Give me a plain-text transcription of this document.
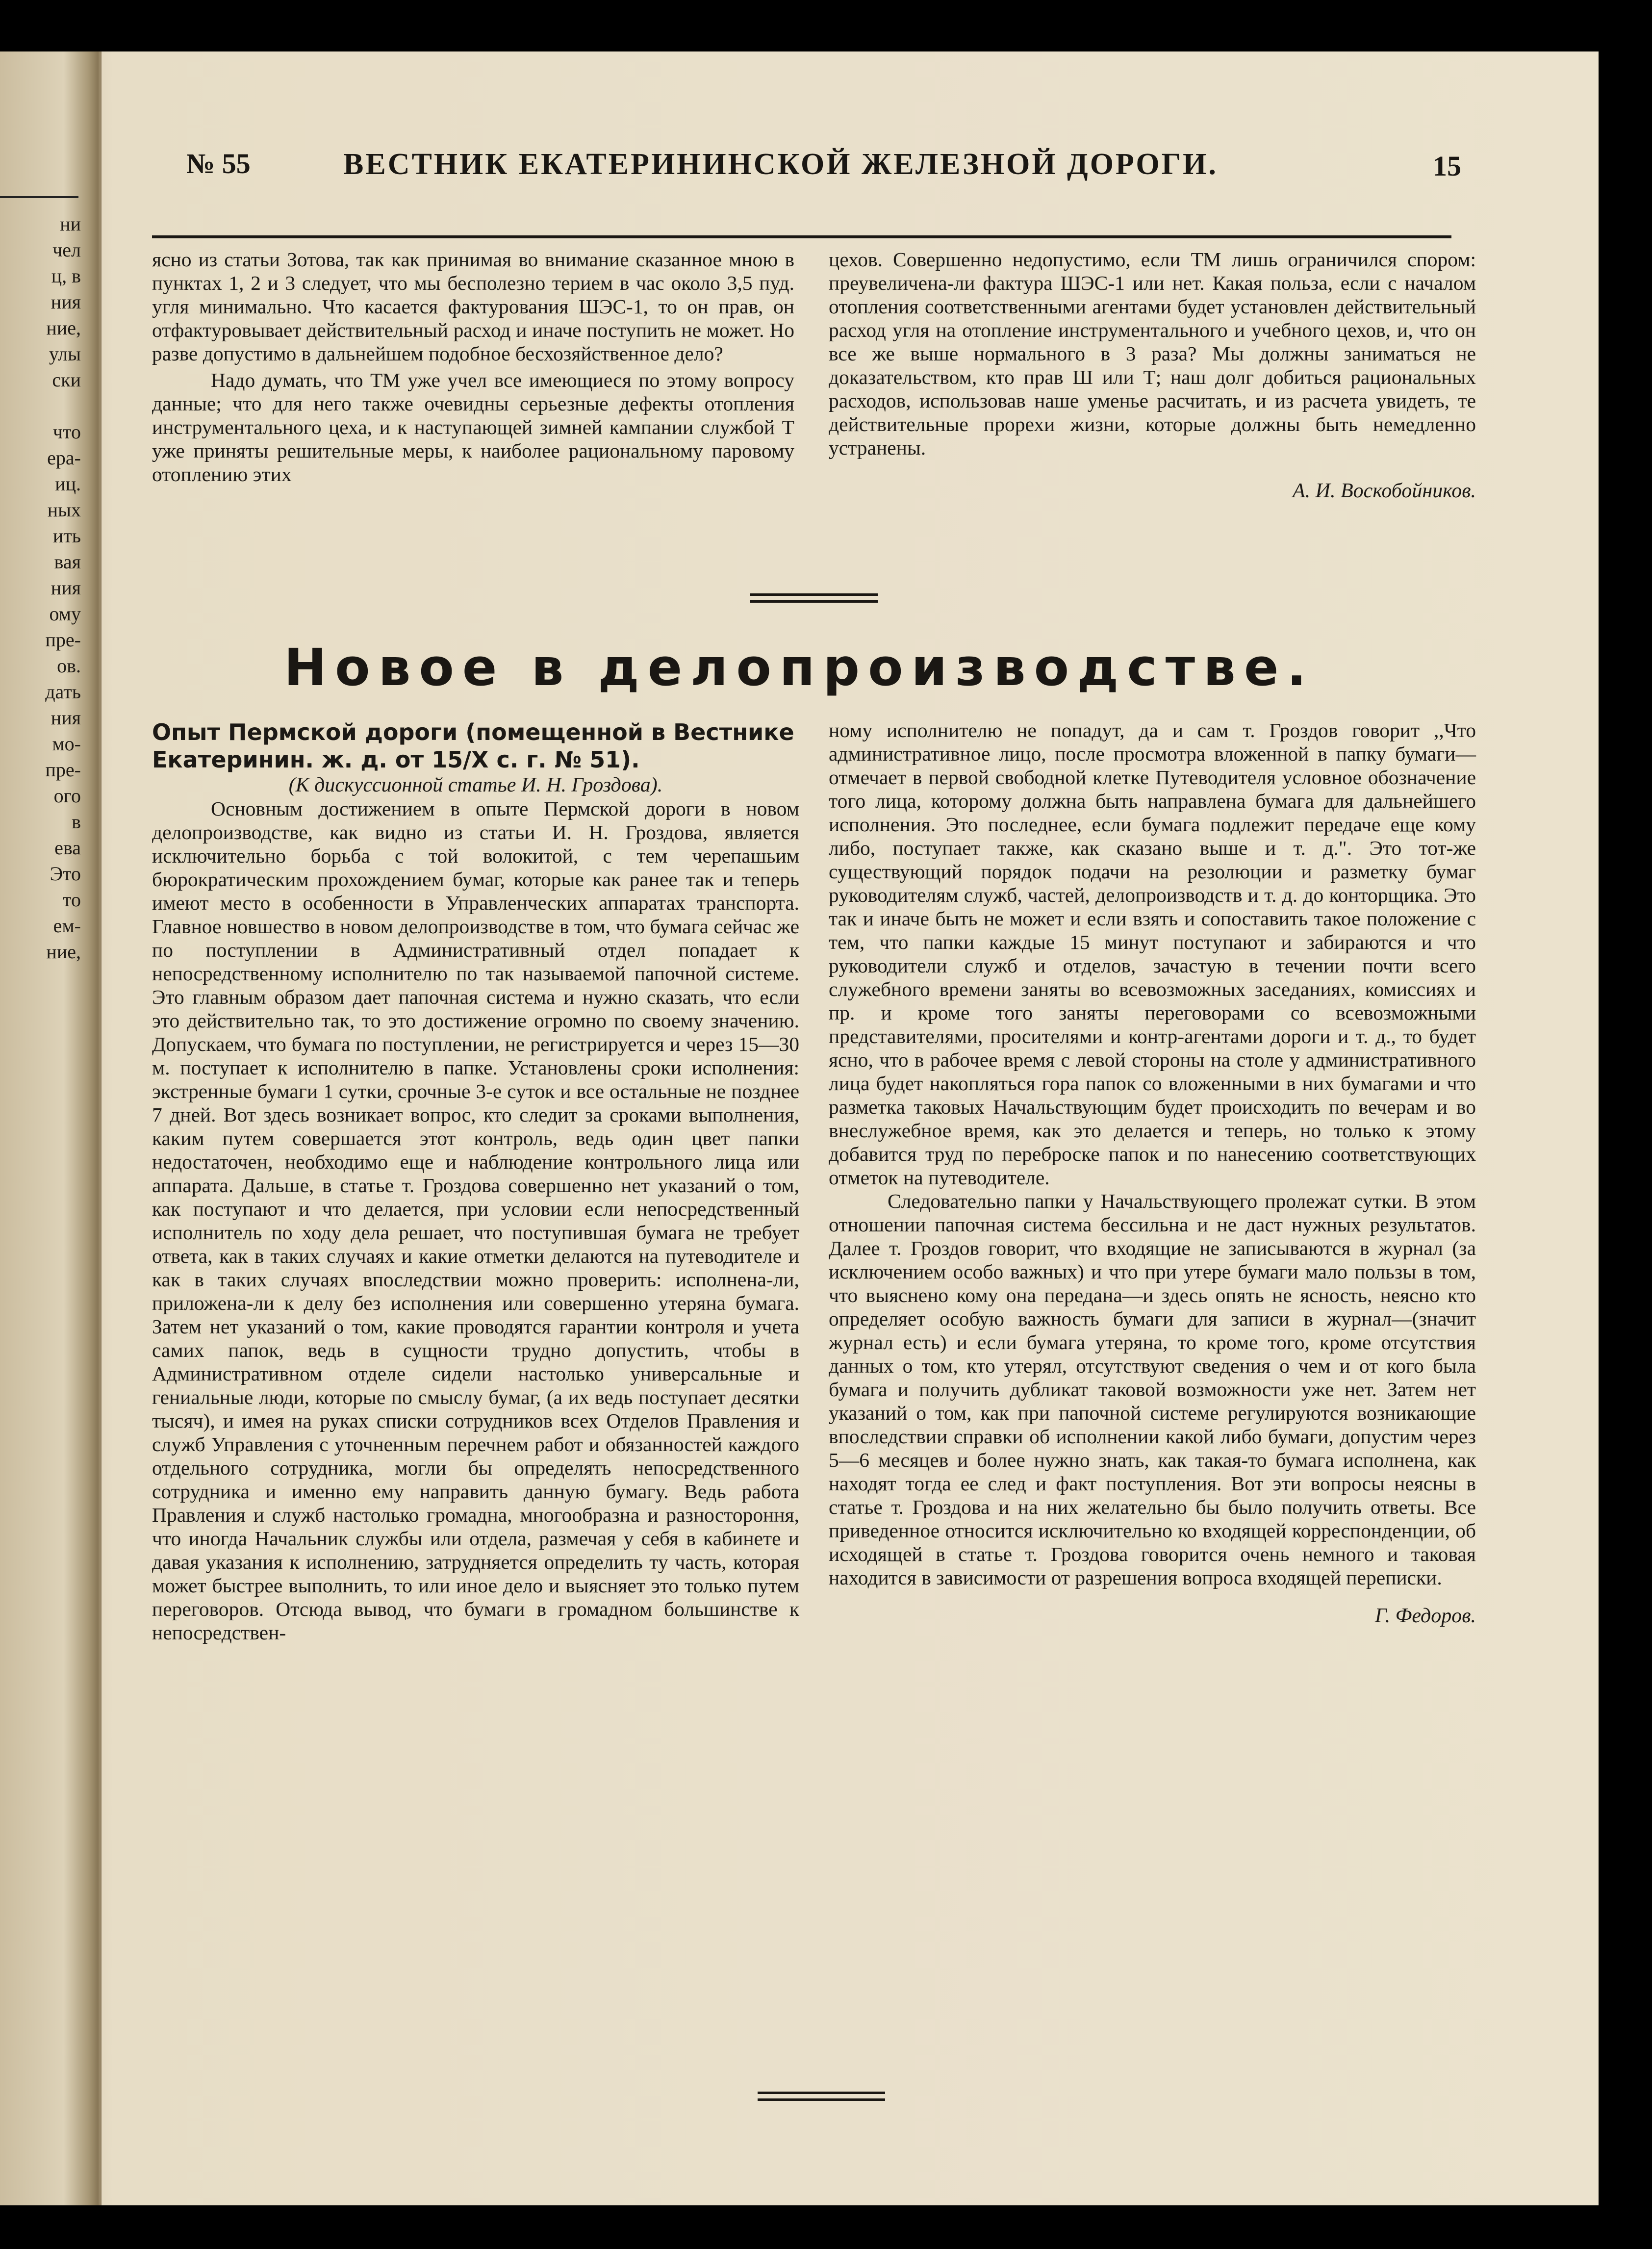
ни
чел
ц, в
ния
ние,
улы
ски
что
ера-
иц.
ных
ить
вая
ния
ому
пре-
ов.
дать
ния
мо-
пре-
ого
в
ева
Это
то
ем-
ние,
№ 55	ВЕСТНИК ЕКАТЕРИНИНСКОЙ ЖЕЛЕЗНОЙ ДОРОГИ.	15

ясно из статьи Зотова, так как принимая во внимание сказанное мною в пунктах 1, 2 и 3 следует, что мы бесполезно терием в час около 3,5 пуд. угля минимально. Что касается фактурования ШЭС-1, то он прав, он отфактуровывает действительный расход и иначе поступить не может. Но разве допустимо в дальнейшем подобное бесхозяйственное дело?

Надо думать, что ТМ уже учел все имеющиеся по этому вопросу данные; что для него также очевидны серьезные дефекты отопления инструментального цеха, и к наступающей зимней кампании службой Т уже приняты решительные меры, к наиболее рациональному паровому отоплению этих

цехов. Совершенно недопустимо, если ТМ лишь ограничился спором: преувеличена-ли фактура ШЭС-1 или нет. Какая польза, если с началом отопления соответственными агентами будет установлен действительный расход угля на отопление инструментального и учебного цехов, и, что он все же выше нормального в 3 раза? Мы должны заниматься не доказательством, кто прав Ш или Т; наш долг добиться рациональных расходов, использовав наше уменье расчитать, и из расчета увидеть, те действительные прорехи жизни, которые должны быть немедленно устранены.

А. И. Воскобойников.

Новое в делопроизводстве.

Опыт Пермской дороги (помещенной в Вестнике Екатеринин. ж. д. от 15/Х с. г. № 51).

(К дискуссионной статье И. Н. Гроздова).

Основным достижением в опыте Пермской дороги в новом делопроизводстве, как видно из статьи И. Н. Гроздова, является исключительно борьба с той волокитой, с тем черепашьим бюрократическим прохождением бумаг, которые как ранее так и теперь имеют место в особенности в Управленческих аппаратах транспорта. Главное новшество в новом делопроизводстве в том, что бумага сейчас же по поступлении в Административный отдел попадает к непосредственному исполнителю по так называемой папочной системе. Это главным образом дает папочная система и нужно сказать, что если это действительно так, то это достижение огромно по своему значению. Допускаем, что бумага по поступлении, не регистрируется и через 15—30 м. поступает к исполнителю в папке. Установлены сроки исполнения: экстренные бумаги 1 сутки, срочные 3-е суток и все остальные не позднее 7 дней. Вот здесь возникает вопрос, кто следит за сроками выполнения, каким путем совершается этот контроль, ведь один цвет папки недостаточен, необходимо еще и наблюдение контрольного лица или аппарата. Дальше, в статье т. Гроздова совершенно нет указаний о том, как поступают и что делается, при условии если непосредственный исполнитель по ходу дела решает, что поступившая бумага не требует ответа, как в таких случаях и какие отметки делаются на путеводителе и как в таких случаях впоследствии можно проверить: исполнена-ли, приложена-ли к делу без исполнения или совершенно утеряна бумага. Затем нет указаний о том, какие проводятся гарантии контроля и учета самих папок, ведь в сущности трудно допустить, чтобы в Административном отделе сидели настолько универсальные и гениальные люди, которые по смыслу бумаг, (а их ведь поступает десятки тысяч), и имея на руках списки сотрудников всех Отделов Правления и служб Управления с уточненным перечнем работ и обязанностей каждого отдельного сотрудника, могли бы определять непосредственного сотрудника и именно ему направить данную бумагу. Ведь работа Правления и служб настолько громадна, многообразна и разностороння, что иногда Начальник службы или отдела, размечая у себя в кабинете и давая указания к исполнению, затрудняется определить ту часть, которая может быстрее выполнить, то или иное дело и выясняет это только путем переговоров. Отсюда вывод, что бумаги в громадном большинстве к непосредствен-

ному исполнителю не попадут, да и сам т. Гроздов говорит ,,Что административное лицо, после просмотра вложенной в папку бумаги—отмечает в первой свободной клетке Путеводителя условное обозначение того лица, которому должна быть направлена бумага для дальнейшего исполнения. Это последнее, если бумага подлежит передаче еще кому либо, поступает также, как сказано выше и т. д.". Это тот-же существующий порядок подачи на резолюции и разметку бумаг руководителям служб, частей, делопроизводств и т. д. до конторщика. Это так и иначе быть не может и если взять и сопоставить такое положение с тем, что папки каждые 15 минут поступают и забираются и что руководители служб и отделов, зачастую в течении почти всего служебного времени заняты во всевозможных заседаниях, комиссиях и пр. и кроме того заняты переговорами со всевозможными представителями, просителями и контр-агентами дороги и т. д., то будет ясно, что в рабочее время с левой стороны на столе у административного лица будет накопляться гора папок со вложенными в них бумагами и что разметка таковых Начальствующим будет происходить по вечерам и во внеслужебное время, как это делается и теперь, но только к этому добавится труд по переброске папок и по нанесению соответствующих отметок на путеводителе.

Следовательно папки у Начальствующего пролежат сутки. В этом отношении папочная система бессильна и не даст нужных результатов. Далее т. Гроздов говорит, что входящие не записываются в журнал (за исключением особо важных) и что при утере бумаги мало пользы в том, что выяснено кому она передана—и здесь опять не ясность, неясно кто определяет особую важность бумаги для записи в журнал—(значит журнал есть) и если бумага утеряна, то кроме того, кроме отсутствия данных о том, кто утерял, отсутствуют сведения о чем и от кого была бумага и получить дубликат таковой возможности уже нет. Затем нет указаний о том, как при папочной системе регулируются возникающие впоследствии справки об исполнении какой либо бумаги, допустим через 5—6 месяцев и более нужно знать, как такая-то бумага исполнена, как находят тогда ее след и факт поступления. Вот эти вопросы неясны в статье т. Гроздова и на них желательно бы было получить ответы. Все приведенное относится исключительно ко входящей корреспонденции, об исходящей в статье т. Гроздова говорится очень немного и таковая находится в зависимости от разрешения вопроса входящей переписки.

Г. Федоров.
